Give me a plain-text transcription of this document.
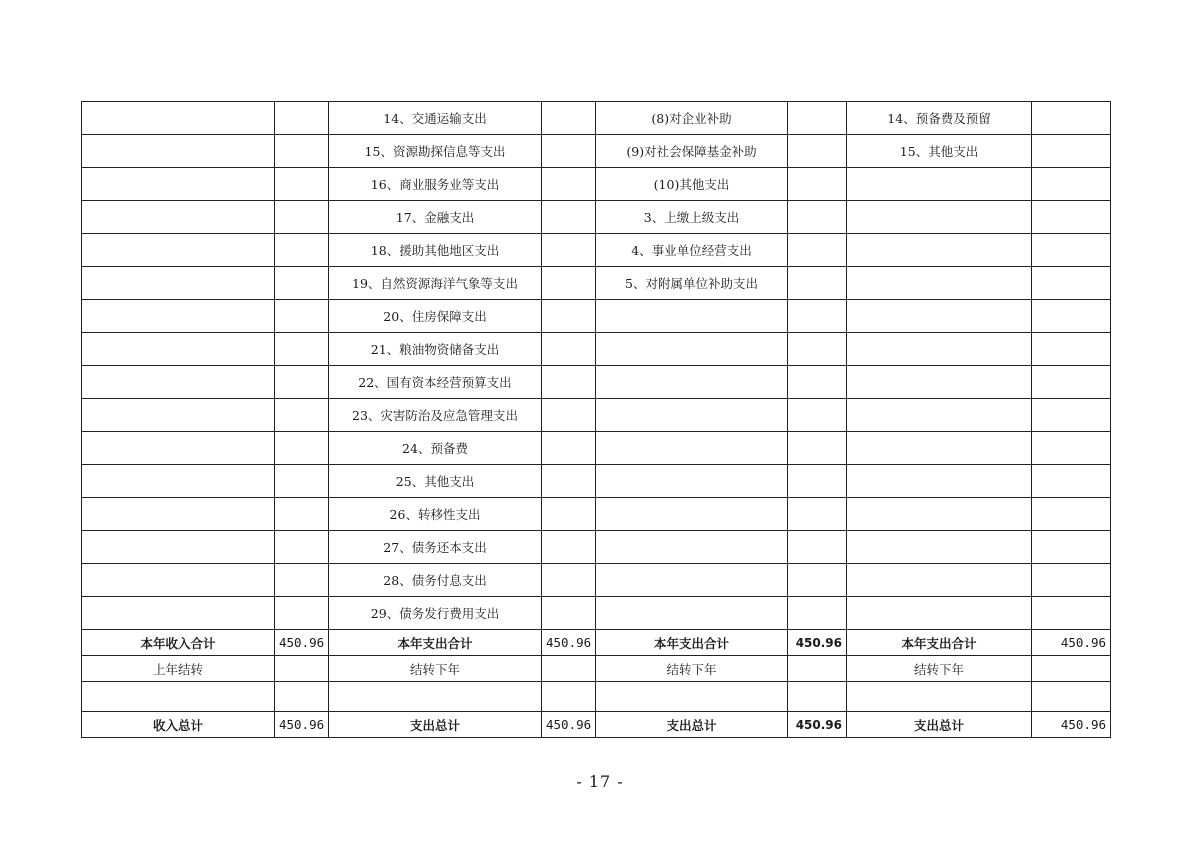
		14、交通运输支出		(8)对企业补助		14、预备费及预留	
		15、资源勘探信息等支出		(9)对社会保障基金补助		15、其他支出	
		16、商业服务业等支出		(10)其他支出			
		17、金融支出		3、上缴上级支出			
		18、援助其他地区支出		4、事业单位经营支出			
		19、自然资源海洋气象等支出		5、对附属单位补助支出			
		20、住房保障支出					
		21、粮油物资储备支出					
		22、国有资本经营预算支出					
		23、灾害防治及应急管理支出					
		24、预备费					
		25、其他支出					
		26、转移性支出					
		27、债务还本支出					
		28、债务付息支出					
		29、债务发行费用支出					
本年收入合计	450.96	本年支出合计	450.96	本年支出合计	450.96	本年支出合计	450.96
上年结转		结转下年		结转下年		结转下年	

收入总计	450.96	支出总计	450.96	支出总计	450.96	支出总计	450.96
- 17 -
